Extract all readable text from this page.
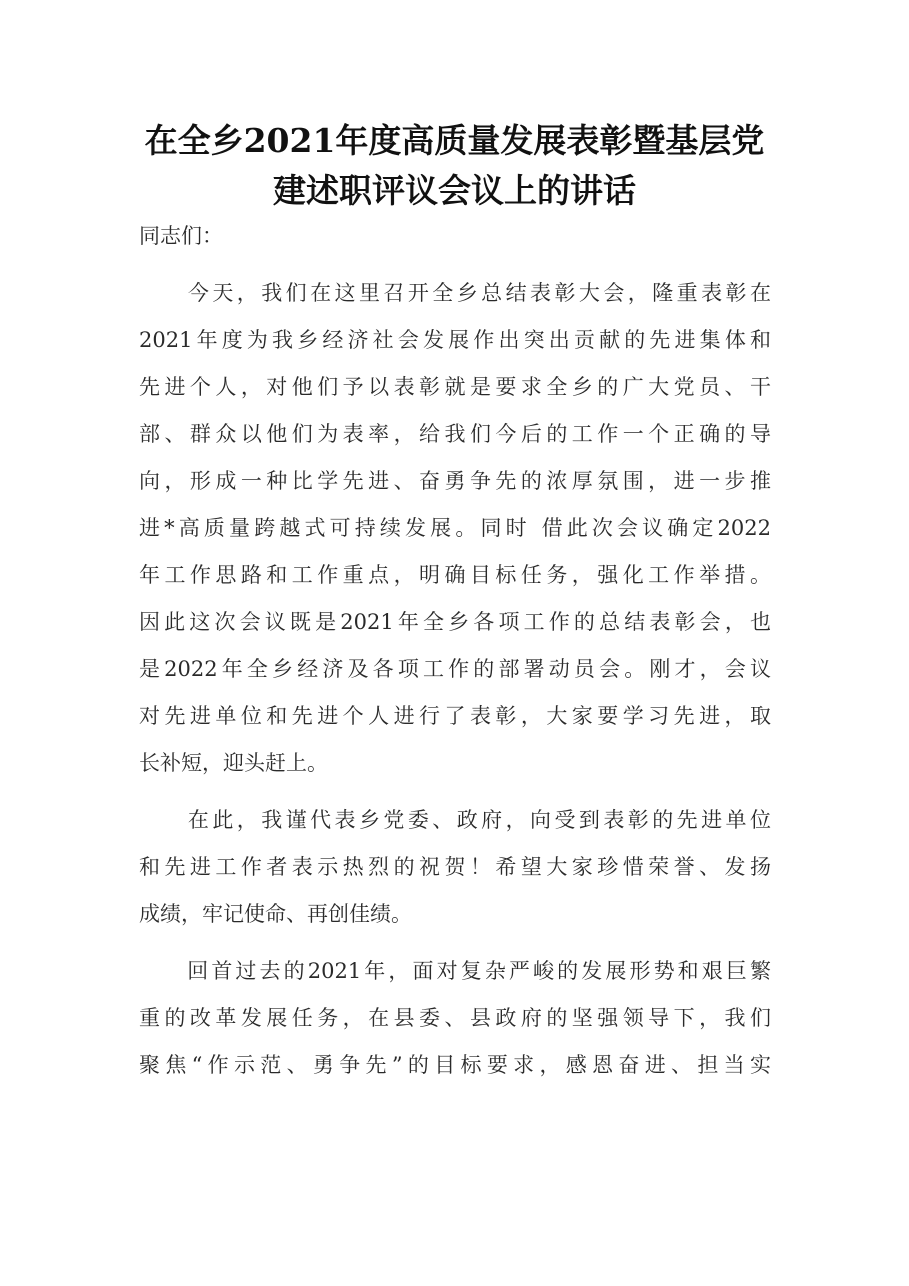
在全乡2021年度高质量发展表彰暨基层党
建述职评议会议上的讲话
同志们：
　　今天，我们在这里召开全乡总结表彰大会，隆重表彰在
2021年度为我乡经济社会发展作出突出贡献的先进集体和
先进个人，对他们予以表彰就是要求全乡的广大党员、干
部、群众以他们为表率，给我们今后的工作一个正确的导
向，形成一种比学先进、奋勇争先的浓厚氛围，进一步推
进*高质量跨越式可持续发展。同时 借此次会议确定2022
年工作思路和工作重点，明确目标任务，强化工作举措。
因此这次会议既是2021年全乡各项工作的总结表彰会，也
是2022年全乡经济及各项工作的部署动员会。刚才，会议
对先进单位和先进个人进行了表彰，大家要学习先进，取
长补短，迎头赶上。
　　在此，我谨代表乡党委、政府，向受到表彰的先进单位
和先进工作者表示热烈的祝贺！希望大家珍惜荣誉、发扬
成绩，牢记使命、再创佳绩。
　　回首过去的2021年，面对复杂严峻的发展形势和艰巨繁
重的改革发展任务，在县委、县政府的坚强领导下，我们
聚焦“作示范、勇争先”的目标要求，感恩奋进、担当实
